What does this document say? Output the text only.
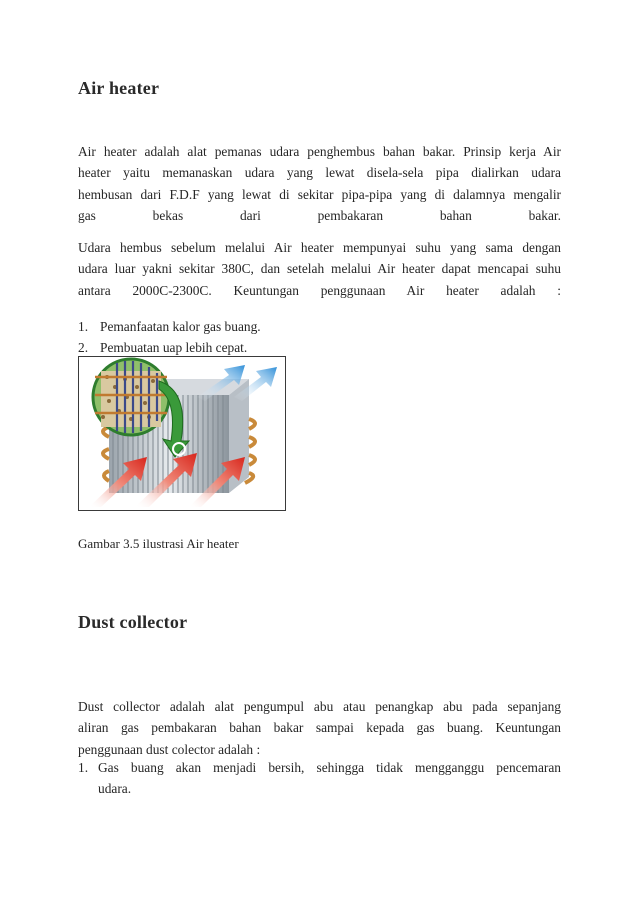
Air heater
Air heater adalah alat pemanas udara penghembus bahan bakar. Prinsip kerja Air
heater yaitu memanaskan udara yang lewat disela-sela pipa dialirkan udara
hembusan dari F.D.F yang lewat di sekitar pipa-pipa yang di dalamnya mengalir
gas bekas dari pembakaran bahan bakar.
Udara hembus sebelum melalui Air heater mempunyai suhu yang sama dengan
udara luar yakni sekitar 380C, dan setelah melalui Air heater dapat mencapai suhu
antara 2000C-2300C. Keuntungan penggunaan Air heater adalah :
1. Pemanfaatan kalor gas buang.
2. Pembuatan uap lebih cepat.
Gambar 3.5 ilustrasi Air heater
Dust collector
Dust collector adalah alat pengumpul abu atau penangkap abu pada sepanjang
aliran gas pembakaran bahan bakar sampai kepada gas buang. Keuntungan
penggunaan dust colector adalah :
1. Gas buang akan menjadi bersih, sehingga tidak mengganggu pencemaran
udara.
